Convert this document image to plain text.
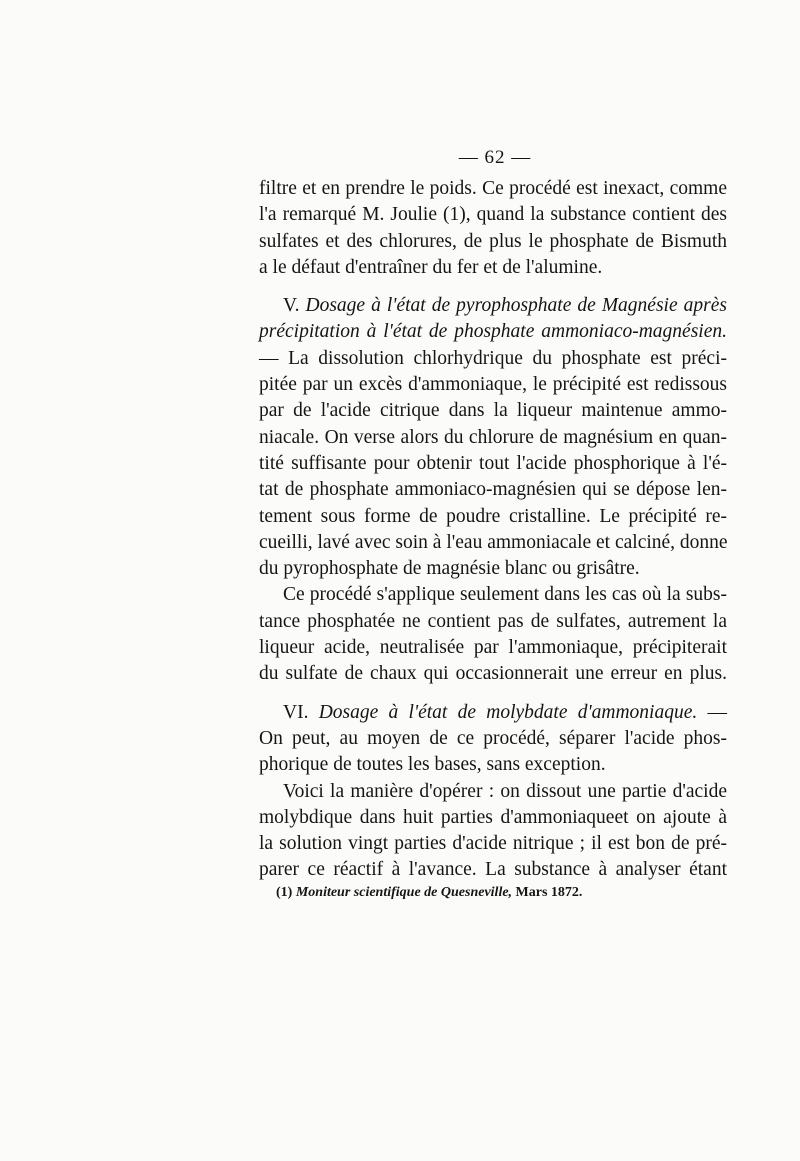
— 62 —
filtre et en prendre le poids. Ce procédé est inexact, comme
l'a remarqué M. Joulie (1), quand la substance contient des
sulfates et des chlorures, de plus le phosphate de Bismuth
a le défaut d'entraîner du fer et de l'alumine.
V. Dosage à l'état de pyrophosphate de Magnésie après
précipitation à l'état de phosphate ammoniaco-magnésien.
— La dissolution chlorhydrique du phosphate est préci-
pitée par un excès d'ammoniaque, le précipité est redissous
par de l'acide citrique dans la liqueur maintenue ammo-
niacale. On verse alors du chlorure de magnésium en quan-
tité suffisante pour obtenir tout l'acide phosphorique à l'é-
tat de phosphate ammoniaco-magnésien qui se dépose len-
tement sous forme de poudre cristalline. Le précipité re-
cueilli, lavé avec soin à l'eau ammoniacale et calciné, donne
du pyrophosphate de magnésie blanc ou grisâtre.
Ce procédé s'applique seulement dans les cas où la subs-
tance phosphatée ne contient pas de sulfates, autrement la
liqueur acide, neutralisée par l'ammoniaque, précipiterait
du sulfate de chaux qui occasionnerait une erreur en plus.
VI. Dosage à l'état de molybdate d'ammoniaque. —
On peut, au moyen de ce procédé, séparer l'acide phos-
phorique de toutes les bases, sans exception.
Voici la manière d'opérer : on dissout une partie d'acide
molybdique dans huit parties d'ammoniaqueet on ajoute à
la solution vingt parties d'acide nitrique ; il est bon de pré-
parer ce réactif à l'avance. La substance à analyser étant
(1) Moniteur scientifique de Quesneville, Mars 1872.
